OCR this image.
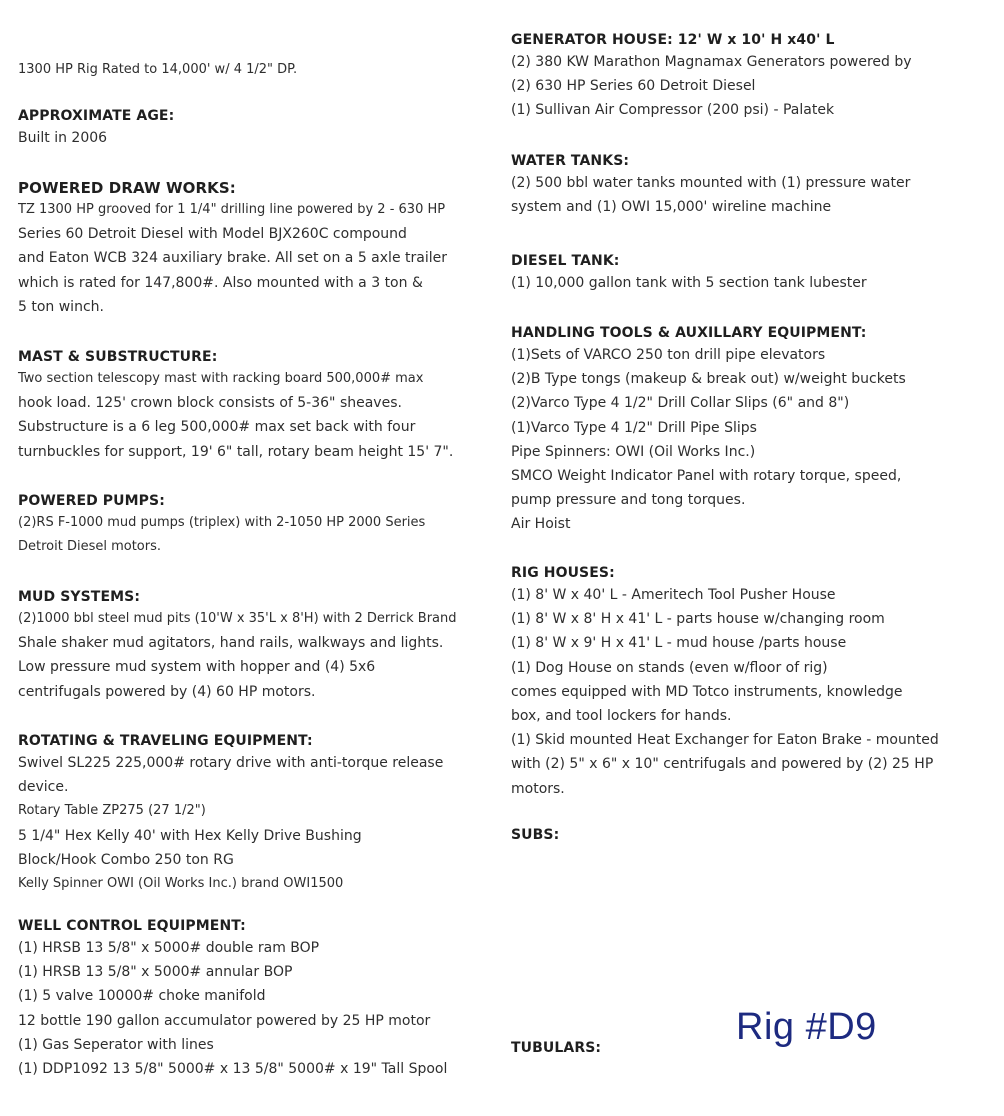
1300 HP Rig Rated to 14,000' w/ 4 1/2" DP.
APPROXIMATE AGE:
Built in 2006
POWERED DRAW WORKS:
TZ 1300 HP grooved for 1 1/4" drilling line powered by 2 - 630 HP
Series 60 Detroit Diesel with Model BJX260C compound
and Eaton WCB 324 auxiliary brake. All set on a 5 axle trailer
which is rated for 147,800#. Also mounted with a 3 ton &
5 ton winch.
MAST & SUBSTRUCTURE:
Two section telescopy mast with racking board 500,000# max
hook load. 125' crown block consists of 5-36" sheaves.
Substructure is a 6 leg 500,000# max set back with four
turnbuckles for support, 19' 6" tall, rotary beam height 15' 7".
POWERED PUMPS:
(2)RS F-1000 mud pumps (triplex) with 2-1050 HP 2000 Series
Detroit Diesel motors.
MUD SYSTEMS:
(2)1000 bbl steel mud pits (10'W x 35'L x 8'H) with 2 Derrick Brand
Shale shaker mud agitators, hand rails, walkways and lights.
Low pressure mud system with hopper and (4) 5x6
centrifugals powered by (4) 60 HP motors.
ROTATING & TRAVELING EQUIPMENT:
Swivel SL225 225,000# rotary drive with anti-torque release
device.
Rotary Table ZP275 (27 1/2")
5 1/4" Hex Kelly 40' with Hex Kelly Drive Bushing
Block/Hook Combo 250 ton RG
Kelly Spinner OWI (Oil Works Inc.) brand OWI1500
WELL CONTROL EQUIPMENT:
(1) HRSB 13 5/8" x 5000# double ram BOP
(1) HRSB 13 5/8" x 5000# annular BOP
(1) 5 valve 10000# choke manifold
12 bottle 190 gallon accumulator powered by 25 HP motor
(1) Gas Seperator with lines
(1) DDP1092 13 5/8" 5000# x 13 5/8" 5000# x 19" Tall Spool
GENERATOR HOUSE: 12' W x 10' H x40' L
(2) 380 KW Marathon Magnamax Generators powered by
(2) 630 HP Series 60 Detroit Diesel
(1) Sullivan Air Compressor (200 psi) - Palatek
WATER TANKS:
(2) 500 bbl water tanks mounted with (1) pressure water
system and (1) OWI 15,000' wireline machine
DIESEL TANK:
(1) 10,000 gallon tank with 5 section tank lubester
HANDLING TOOLS & AUXILLARY EQUIPMENT:
(1)Sets of VARCO 250 ton drill pipe elevators
(2)B Type tongs (makeup & break out) w/weight buckets
(2)Varco Type 4 1/2" Drill Collar Slips (6" and 8")
(1)Varco Type 4 1/2" Drill Pipe Slips
Pipe Spinners: OWI (Oil Works Inc.)
SMCO Weight Indicator Panel with rotary torque, speed,
pump pressure and tong torques.
Air Hoist
RIG HOUSES:
(1) 8' W x 40' L - Ameritech Tool Pusher House
(1) 8' W x 8' H x 41' L - parts house w/changing room
(1) 8' W x 9' H x 41' L - mud house /parts house
(1) Dog House on stands (even w/floor of rig)
comes equipped with MD Totco instruments, knowledge
box, and tool lockers for hands.
(1) Skid mounted Heat Exchanger for Eaton Brake - mounted
with (2) 5" x 6" x 10" centrifugals and powered by (2) 25 HP
motors.
SUBS:
TUBULARS:	Rig #D9
